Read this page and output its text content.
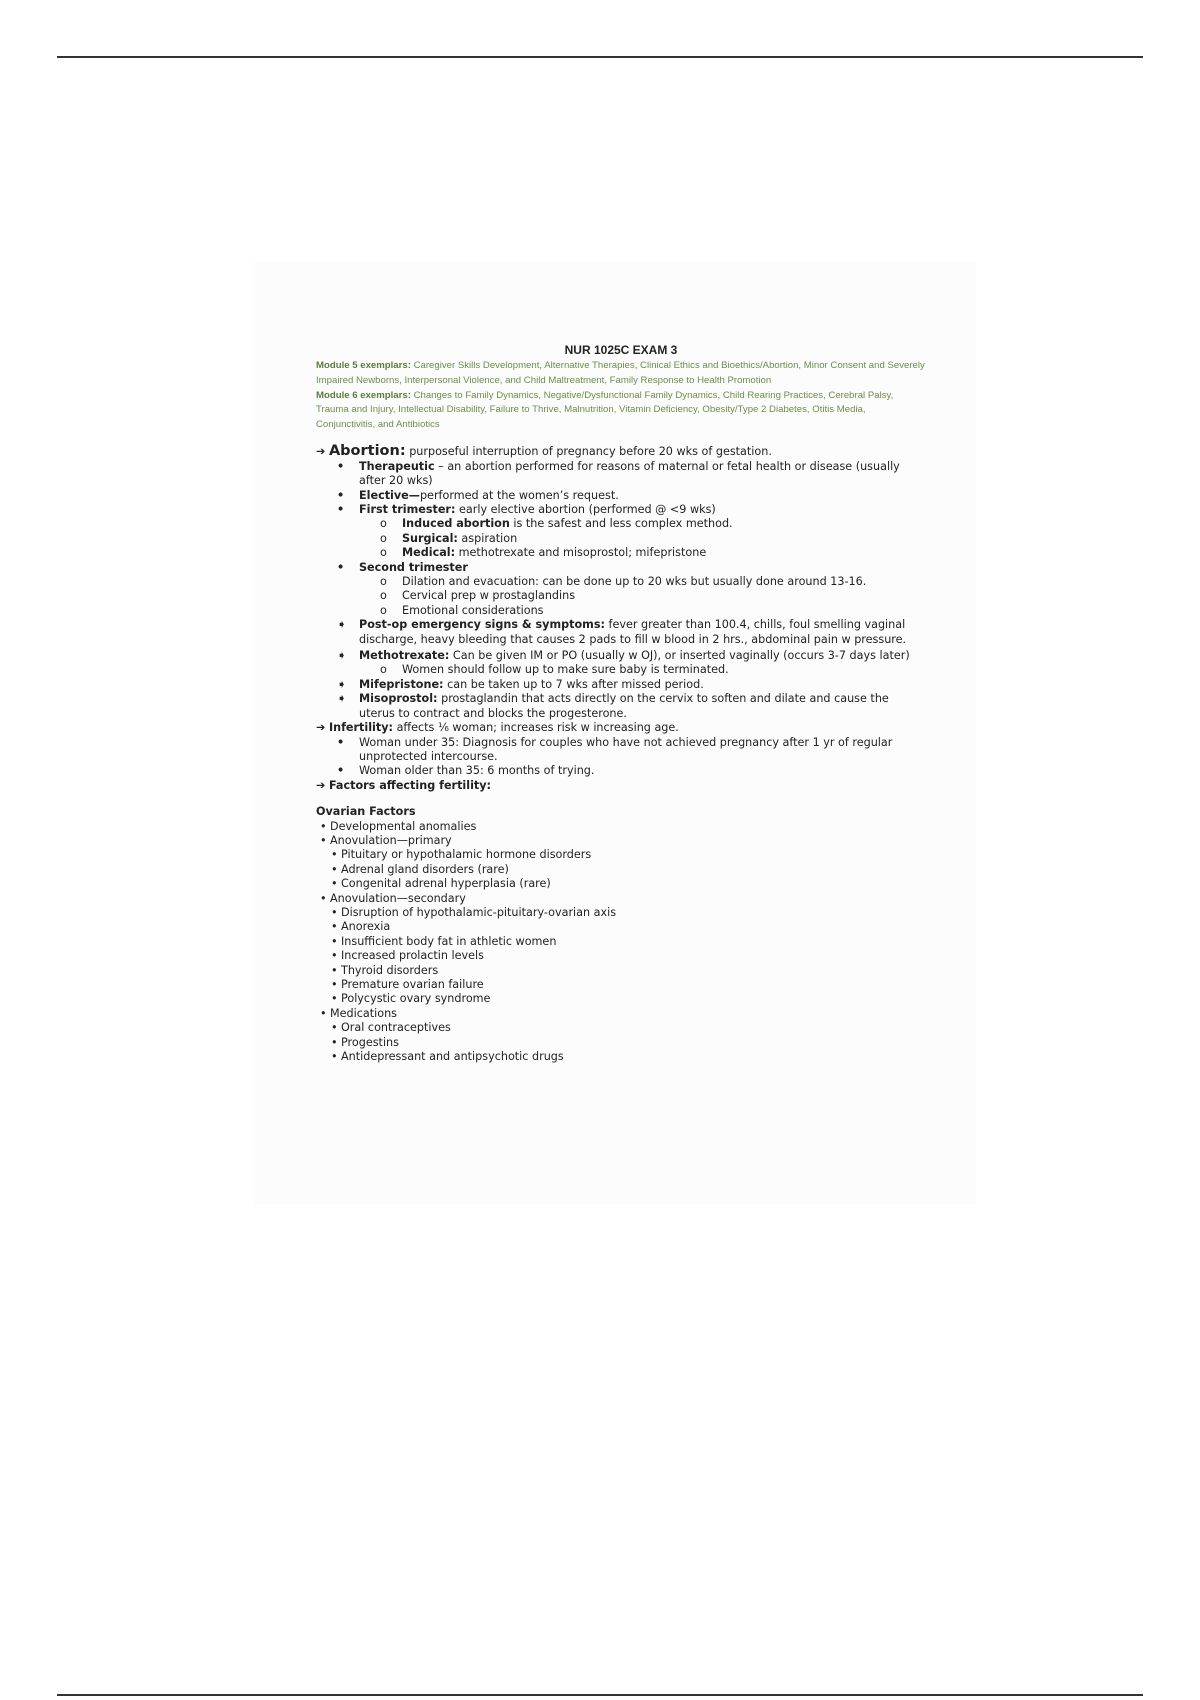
NUR 1025C EXAM 3
Module 5 exemplars: Caregiver Skills Development, Alternative Therapies, Clinical Ethics and Bioethics/Abortion, Minor Consent and Severely Impaired Newborns, Interpersonal Violence, and Child Maltreatment, Family Response to Health Promotion
Module 6 exemplars: Changes to Family Dynamics, Negative/Dysfunctional Family Dynamics, Child Rearing Practices, Cerebral Palsy, Trauma and Injury, Intellectual Disability, Failure to Thrive, Malnutrition, Vitamin Deficiency, Obesity/Type 2 Diabetes, Otitis Media, Conjunctivitis, and Antibiotics
➔ Abortion: purposeful interruption of pregnancy before 20 wks of gestation.
• Therapeutic – an abortion performed for reasons of maternal or fetal health or disease (usually after 20 wks)
• Elective—performed at the women’s request.
• First trimester: early elective abortion (performed @ <9 wks)
o Induced abortion is the safest and less complex method.
o Surgical: aspiration
o Medical: methotrexate and misoprostol; mifepristone
• Second trimester
o Dilation and evacuation: can be done up to 20 wks but usually done around 13-16.
o Cervical prep w prostaglandins
o Emotional considerations
➧ Post-op emergency signs & symptoms: fever greater than 100.4, chills, foul smelling vaginal discharge, heavy bleeding that causes 2 pads to fill w blood in 2 hrs., abdominal pain w pressure.
➧ Methotrexate: Can be given IM or PO (usually w OJ), or inserted vaginally (occurs 3-7 days later)
o Women should follow up to make sure baby is terminated.
➧ Mifepristone: can be taken up to 7 wks after missed period.
➧ Misoprostol: prostaglandin that acts directly on the cervix to soften and dilate and cause the uterus to contract and blocks the progesterone.
➔ Infertility: affects ⅙ woman; increases risk w increasing age.
• Woman under 35: Diagnosis for couples who have not achieved pregnancy after 1 yr of regular unprotected intercourse.
• Woman older than 35: 6 months of trying.
➔ Factors affecting fertility:
Ovarian Factors
• Developmental anomalies
• Anovulation—primary
• Pituitary or hypothalamic hormone disorders
• Adrenal gland disorders (rare)
• Congenital adrenal hyperplasia (rare)
• Anovulation—secondary
• Disruption of hypothalamic-pituitary-ovarian axis
• Anorexia
• Insufficient body fat in athletic women
• Increased prolactin levels
• Thyroid disorders
• Premature ovarian failure
• Polycystic ovary syndrome
• Medications
• Oral contraceptives
• Progestins
• Antidepressant and antipsychotic drugs
